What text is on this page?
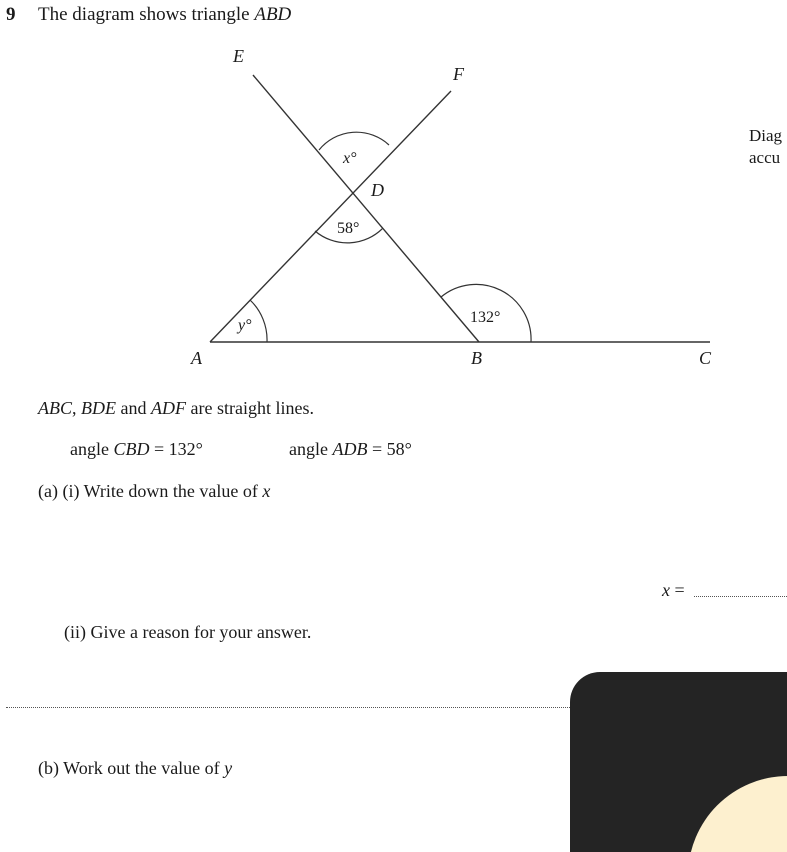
9 The diagram shows triangle ABD
x°
58°
132°
y°
E
F
D
A	B	C
Diag
accu
ABC, BDE and ADF are straight lines.
angle CBD = 132°	angle ADB = 58°
(a) (i) Write down the value of x
x =
(ii) Give a reason for your answer.
(b) Work out the value of y
